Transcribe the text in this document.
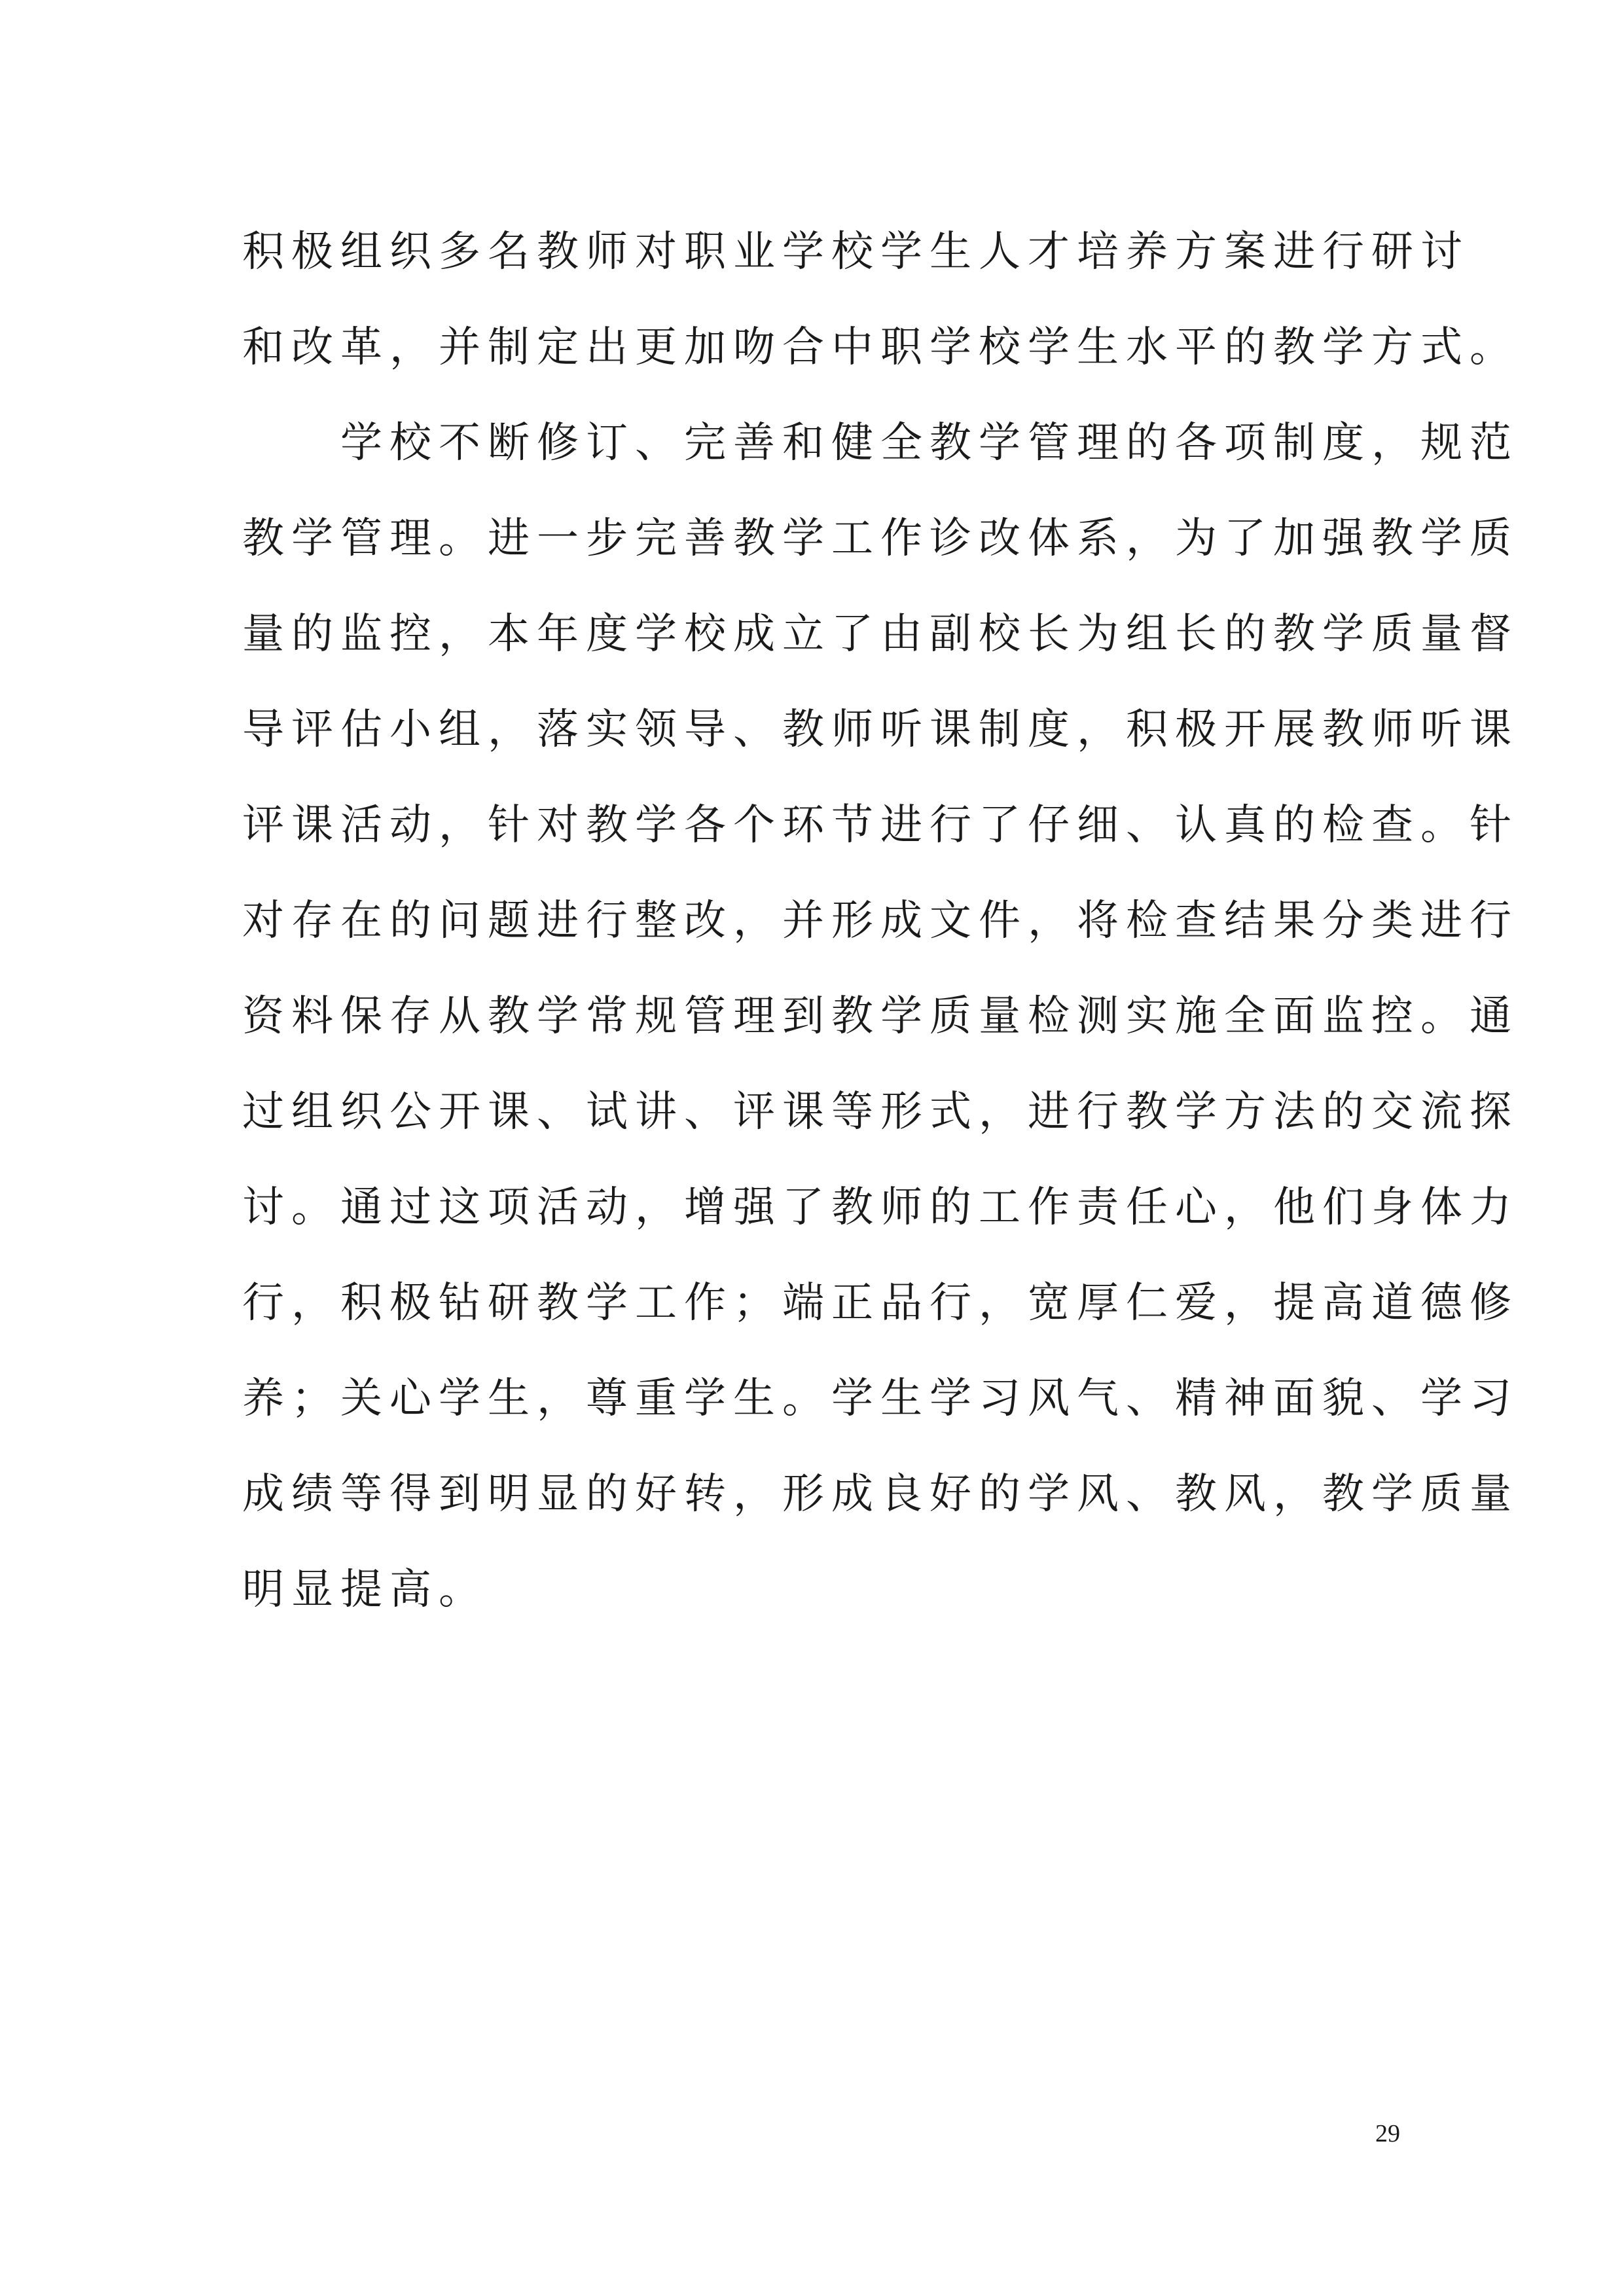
积极组织多名教师对职业学校学生人才培养方案进行研讨
和改革，并制定出更加吻合中职学校学生水平的教学方式。
学校不断修订、完善和健全教学管理的各项制度，规范
教学管理。进一步完善教学工作诊改体系，为了加强教学质
量的监控，本年度学校成立了由副校长为组长的教学质量督
导评估小组，落实领导、教师听课制度，积极开展教师听课
评课活动，针对教学各个环节进行了仔细、认真的检查。针
对存在的问题进行整改，并形成文件，将检查结果分类进行
资料保存从教学常规管理到教学质量检测实施全面监控。通
过组织公开课、试讲、评课等形式，进行教学方法的交流探
讨。通过这项活动，增强了教师的工作责任心，他们身体力
行，积极钻研教学工作；端正品行，宽厚仁爱，提高道德修
养；关心学生，尊重学生。学生学习风气、精神面貌、学习
成绩等得到明显的好转，形成良好的学风、教风，教学质量
明显提高。
29
